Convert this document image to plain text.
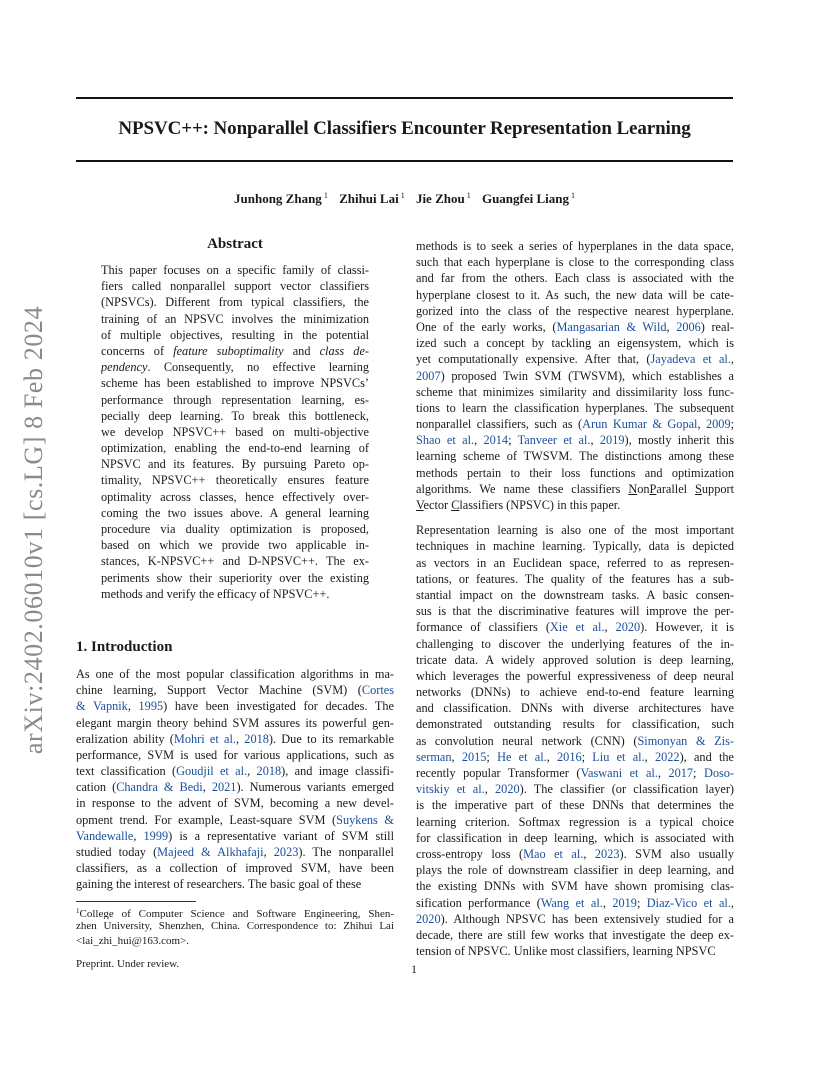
NPSVC++: Nonparallel Classifiers Encounter Representation Learning
Junhong Zhang $^1$ Zhihui Lai $^1$ Jie Zhou $^1$ Guangfei Liang $^1$
arXiv:2402.06010v1 [cs.LG] 8 Feb 2024
Abstract
This paper focuses on a specific family of classi-
fiers called nonparallel support vector classifiers
(NPSVCs). Different from typical classifiers, the
training of an NPSVC involves the minimization
of multiple objectives, resulting in the potential
concerns of feature suboptimality and class de-
pendency. Consequently, no effective learning
scheme has been established to improve NPSVCs’
performance through representation learning, es-
pecially deep learning. To break this bottleneck,
we develop NPSVC++ based on multi-objective
optimization, enabling the end-to-end learning of
NPSVC and its features. By pursuing Pareto op-
timality, NPSVC++ theoretically ensures feature
optimality across classes, hence effectively over-
coming the two issues above. A general learning
procedure via duality optimization is proposed,
based on which we provide two applicable in-
stances, K-NPSVC++ and D-NPSVC++. The ex-
periments show their superiority over the existing
methods and verify the efficacy of NPSVC++.
1. Introduction
As one of the most popular classification algorithms in ma-
chine learning, Support Vector Machine (SVM) (Cortes
& Vapnik, 1995) have been investigated for decades. The
elegant margin theory behind SVM assures its powerful gen-
eralization ability (Mohri et al., 2018). Due to its remarkable
performance, SVM is used for various applications, such as
text classification (Goudjil et al., 2018), and image classifi-
cation (Chandra & Bedi, 2021). Numerous variants emerged
in response to the advent of SVM, becoming a new devel-
opment trend. For example, Least-square SVM (Suykens &
Vandewalle, 1999) is a representative variant of SVM still
studied today (Majeed & Alkhafaji, 2023). The nonparallel
classifiers, as a collection of improved SVM, have been
gaining the interest of researchers. The basic goal of these
methods is to seek a series of hyperplanes in the data space,
such that each hyperplane is close to the corresponding class
and far from the others. Each class is associated with the
hyperplane closest to it. As such, the new data will be cate-
gorized into the class of the respective nearest hyperplane.
One of the early works, (Mangasarian & Wild, 2006) real-
ized such a concept by tackling an eigensystem, which is
yet computationally expensive. After that, (Jayadeva et al.,
2007) proposed Twin SVM (TWSVM), which establishes a
scheme that minimizes similarity and dissimilarity loss func-
tions to learn the classification hyperplanes. The subsequent
nonparallel classifiers, such as (Arun Kumar & Gopal, 2009;
Shao et al., 2014; Tanveer et al., 2019), mostly inherit this
learning scheme of TWSVM. The distinctions among these
methods pertain to their loss functions and optimization
algorithms. We name these classifiers NonParallel Support
Vector Classifiers (NPSVC) in this paper.
Representation learning is also one of the most important
techniques in machine learning. Typically, data is depicted
as vectors in an Euclidean space, referred to as represen-
tations, or features. The quality of the features has a sub-
stantial impact on the downstream tasks. A basic consen-
sus is that the discriminative features will improve the per-
formance of classifiers (Xie et al., 2020). However, it is
challenging to discover the underlying features of the in-
tricate data. A widely approved solution is deep learning,
which leverages the powerful expressiveness of deep neural
networks (DNNs) to achieve end-to-end feature learning
and classification. DNNs with diverse architectures have
demonstrated outstanding results for classification, such
as convolution neural network (CNN) (Simonyan & Zis-
serman, 2015; He et al., 2016; Liu et al., 2022), and the
recently popular Transformer (Vaswani et al., 2017; Doso-
vitskiy et al., 2020). The classifier (or classification layer)
is the imperative part of these DNNs that determines the
learning criterion. Softmax regression is a typical choice
for classification in deep learning, which is associated with
cross-entropy loss (Mao et al., 2023). SVM also usually
plays the role of downstream classifier in deep learning, and
the existing DNNs with SVM have shown promising clas-
sification performance (Wang et al., 2019; Diaz-Vico et al.,
2020). Although NPSVC has been extensively studied for a
decade, there are still few works that investigate the deep ex-
tension of NPSVC. Unlike most classifiers, learning NPSVC
$^1$College of Computer Science and Software Engineering, Shen-
zhen University, Shenzhen, China. Correspondence to: Zhihui Lai
<lai_zhi_hui@163.com>.
Preprint. Under review.	1
